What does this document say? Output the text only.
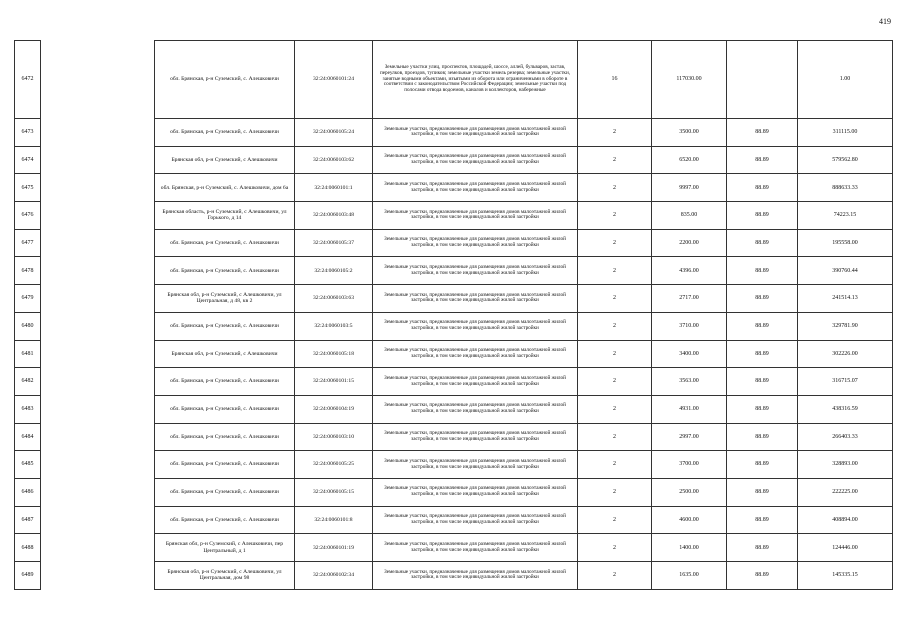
419
6472		обл. Брянская, р-н Суземский, с. Алешковичи	32:24:0060101:24	Земельные участки улиц, проспектов, площадей, шоссе, аллей, бульваров, застав, переулков, проездов, тупиков; земельные участки земель резерва; земельные участки, занятые водными объектами, изъятыми из оборота или ограниченными в обороте в соответствии с законодательством Российской Федерации; земельные участки под полосами отвода водоемов, каналов и коллекторов, набережные	16	117030.00		1.00
6473		обл. Брянская, р-н Суземский, с. Алешковичи	32:24:0060105:24	Земельные участки, предназначенные для размещения домов малоэтажной жилой застройки, в том числе индивидуальной жилой застройки	2	3500.00	88.89	311115.00
6474		Брянская обл, р-н Суземский, с Алешковичи	32:24:0060103:62	Земельные участки, предназначенные для размещения домов малоэтажной жилой застройки, в том числе индивидуальной жилой застройки	2	6520.00	88.89	579562.80
6475		обл. Брянская, р-н Суземский, с. Алешковичи, дом 6а	32:24:0060101:1	Земельные участки, предназначенные для размещения домов малоэтажной жилой застройки, в том числе индивидуальной жилой застройки	2	9997.00	88.89	888633.33
6476		Брянская область, р-н Суземский, с Алешковичи, ул Горького, д 14	32:24:0060103:48	Земельные участки, предназначенные для размещения домов малоэтажной жилой застройки, в том числе индивидуальной жилой застройки	2	835.00	88.89	74223.15
6477		обл. Брянская, р-н Суземский, с. Алешковичи	32:24:0060105:37	Земельные участки, предназначенные для размещения домов малоэтажной жилой застройки, в том числе индивидуальной жилой застройки	2	2200.00	88.89	195558.00
6478		обл. Брянская, р-н Суземский, с. Алешковичи	32:24:0060105:2	Земельные участки, предназначенные для размещения домов малоэтажной жилой застройки, в том числе индивидуальной жилой застройки	2	4396.00	88.89	390760.44
6479		Брянская обл, р-н Суземский, с Алешковичи, ул Центральная, д 48, кв 2	32:24:0060103:63	Земельные участки, предназначенные для размещения домов малоэтажной жилой застройки, в том числе индивидуальной жилой застройки	2	2717.00	88.89	241514.13
6480		обл. Брянская, р-н Суземский, с. Алешковичи	32:24:0060103:5	Земельные участки, предназначенные для размещения домов малоэтажной жилой застройки, в том числе индивидуальной жилой застройки	2	3710.00	88.89	329781.90
6481		Брянская обл, р-н Суземский, с Алешковичи	32:24:0060105:18	Земельные участки, предназначенные для размещения домов малоэтажной жилой застройки, в том числе индивидуальной жилой застройки	2	3400.00	88.89	302226.00
6482		обл. Брянская, р-н Суземский, с. Алешковичи	32:24:0060101:15	Земельные участки, предназначенные для размещения домов малоэтажной жилой застройки, в том числе индивидуальной жилой застройки	2	3563.00	88.89	316715.07
6483		обл. Брянская, р-н Суземский, с. Алешковичи	32:24:0060104:19	Земельные участки, предназначенные для размещения домов малоэтажной жилой застройки, в том числе индивидуальной жилой застройки	2	4931.00	88.89	438316.59
6484		обл. Брянская, р-н Суземский, с. Алешковичи	32:24:0060103:10	Земельные участки, предназначенные для размещения домов малоэтажной жилой застройки, в том числе индивидуальной жилой застройки	2	2997.00	88.89	266403.33
6485		обл. Брянская, р-н Суземский, с. Алешковичи	32:24:0060105:25	Земельные участки, предназначенные для размещения домов малоэтажной жилой застройки, в том числе индивидуальной жилой застройки	2	3700.00	88.89	328893.00
6486		обл. Брянская, р-н Суземский, с. Алешковичи	32:24:0060105:15	Земельные участки, предназначенные для размещения домов малоэтажной жилой застройки, в том числе индивидуальной жилой застройки	2	2500.00	88.89	222225.00
6487		обл. Брянская, р-н Суземский, с. Алешковичи	32:24:0060101:8	Земельные участки, предназначенные для размещения домов малоэтажной жилой застройки, в том числе индивидуальной жилой застройки	2	4600.00	88.89	408894.00
6488		Брянская обл, р-н Суземский, с Алешковичи, пер Центральный, д 1	32:24:0060101:19	Земельные участки, предназначенные для размещения домов малоэтажной жилой застройки, в том числе индивидуальной жилой застройки	2	1400.00	88.89	124446.00
6489		Брянская обл, р-н Суземский, с Алешковичи, ул Центральная, дом 98	32:24:0060102:34	Земельные участки, предназначенные для размещения домов малоэтажной жилой застройки, в том числе индивидуальной жилой застройки	2	1635.00	88.89	145335.15
